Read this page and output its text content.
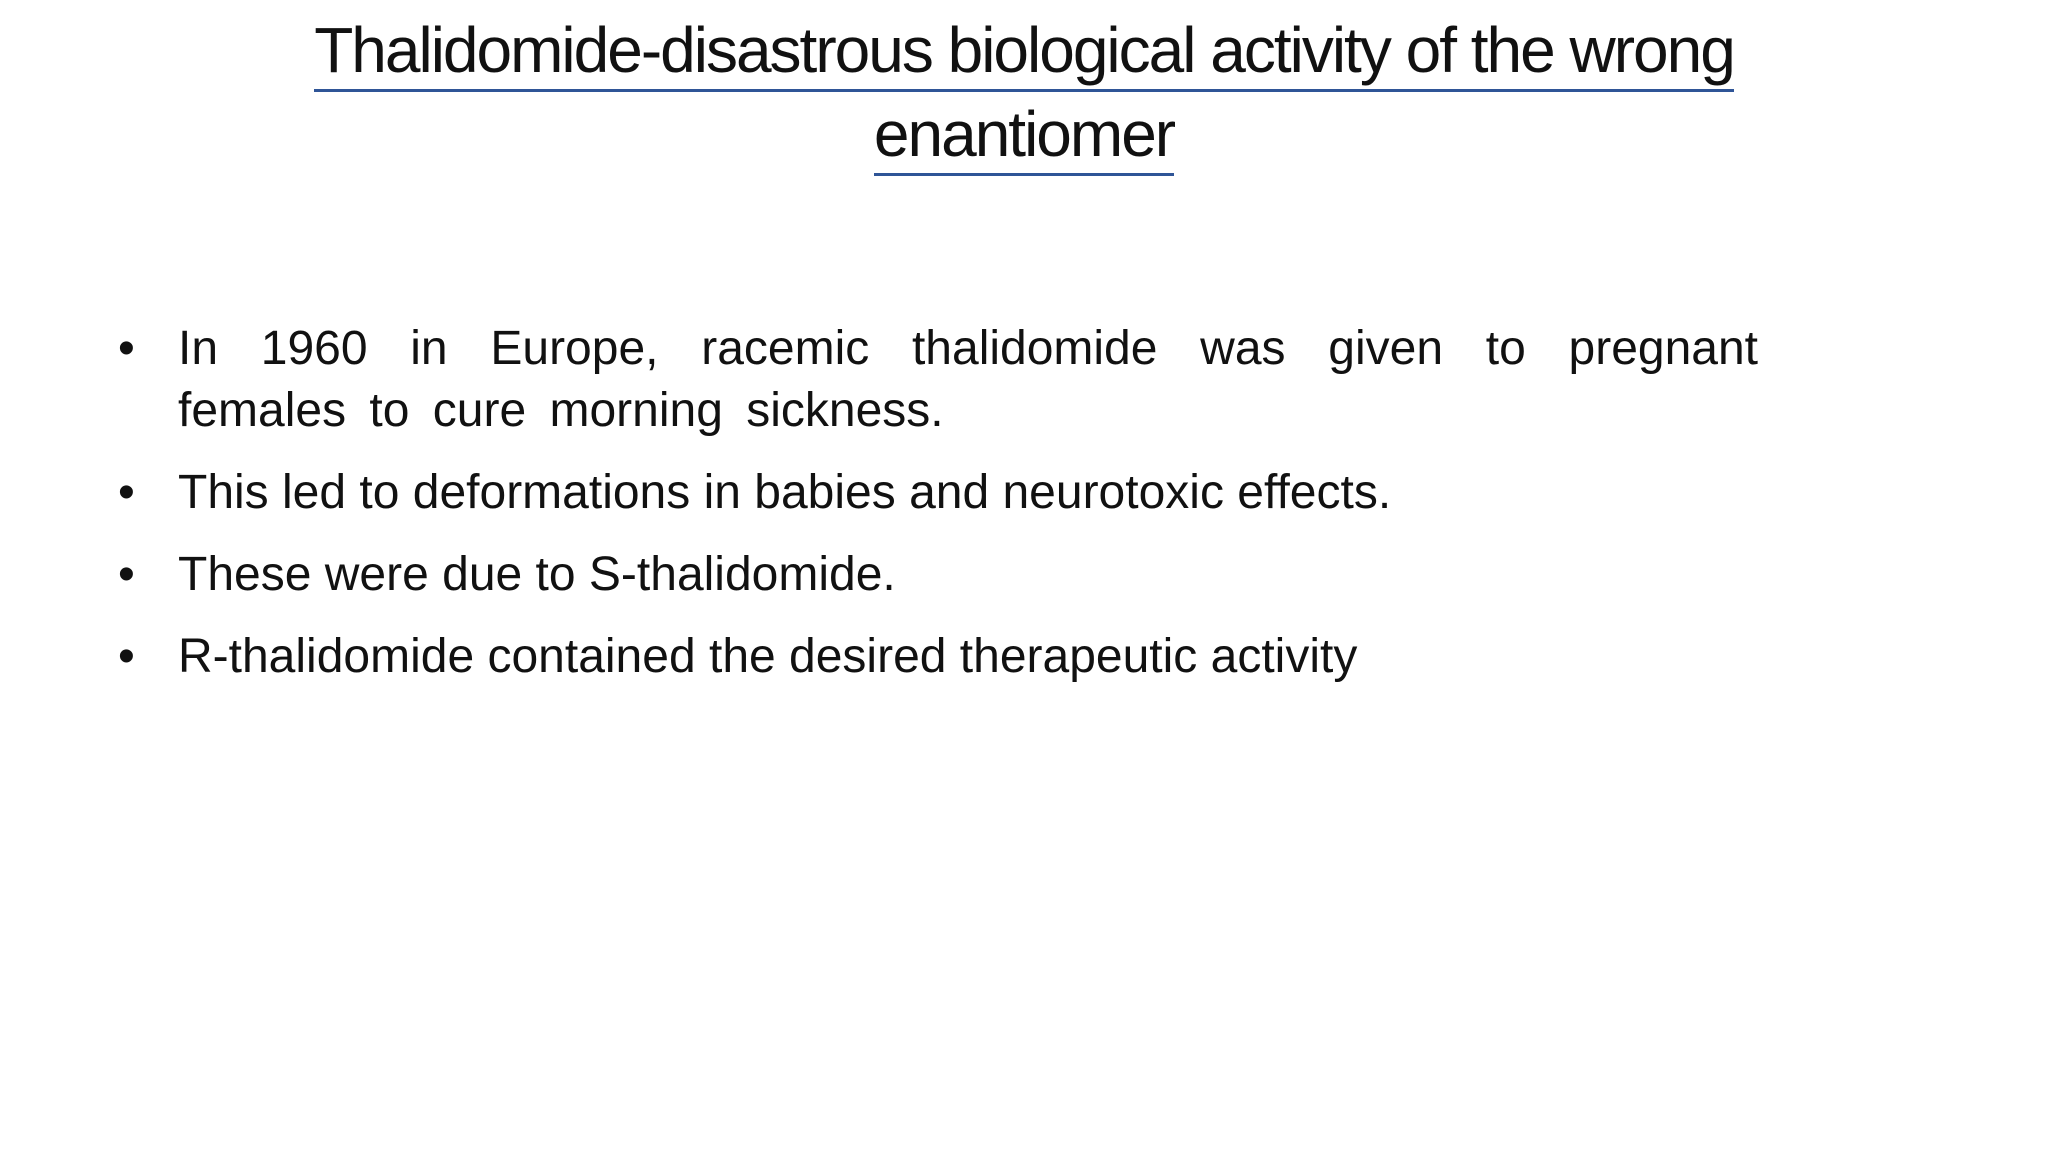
Thalidomide-disastrous biological activity of the wrong
enantiomer
• In 1960 in Europe, racemic thalidomide was given to pregnant females to cure morning sickness.
• This led to deformations in babies and neurotoxic effects.
• These were due to S-thalidomide.
• R-thalidomide contained the desired therapeutic activity
